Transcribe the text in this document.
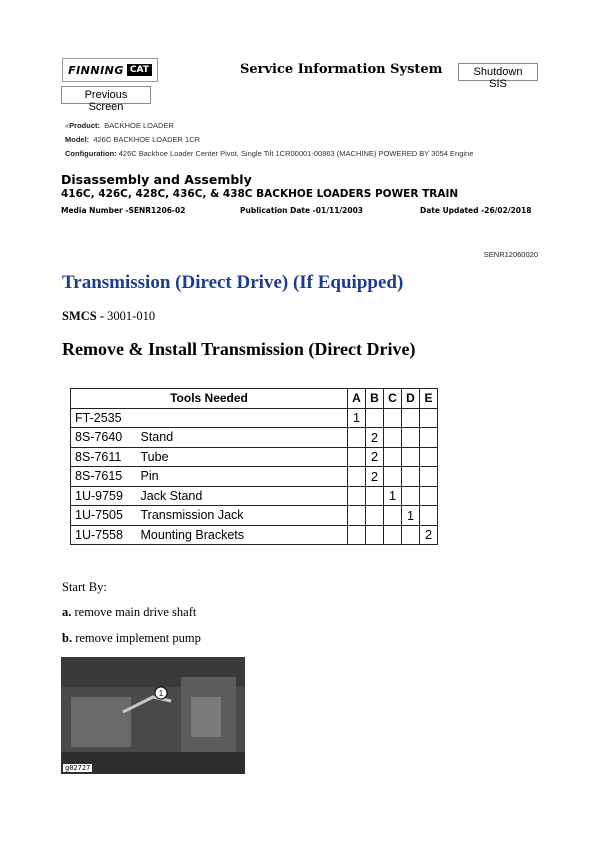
FINNING CAT	Service Information System	Shutdown SIS
Previous Screen
«Product: BACKHOE LOADER
Model: 426C BACKHOE LOADER 1CR
Configuration: 426C Backhoe Loader Center Pivot, Single Tilt 1CR00001-00863 (MACHINE) POWERED BY 3054 Engine
Disassembly and Assembly
416C, 426C, 428C, 436C, & 438C BACKHOE LOADERS POWER TRAIN
Media Number -SENR1206-02	Publication Date -01/11/2003	Date Updated -26/02/2018
SENR12060020
Transmission (Direct Drive) (If Equipped)
SMCS - 3001-010
Remove & Install Transmission (Direct Drive)
Tools Needed		A	B	C	D	E
FT-2535		1				
8S-7640	Stand		2			
8S-7611	Tube		2			
8S-7615	Pin		2			
1U-9759	Jack Stand			1		
1U-7505	Transmission Jack				1	
1U-7558	Mounting Brackets					2
Start By:
a. remove main drive shaft
b. remove implement pump
1
g02727
